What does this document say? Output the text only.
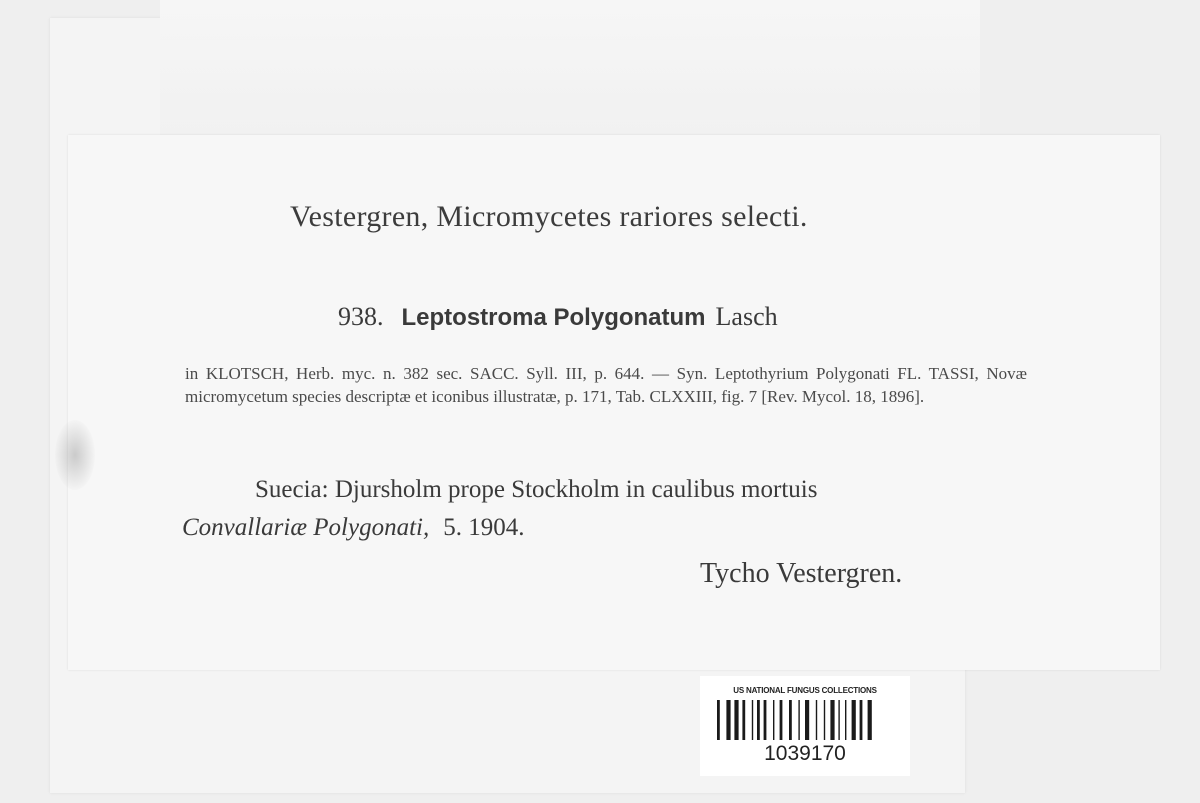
Vestergren, Micromycetes rariores selecti.
938. Leptostroma Polygonatum Lasch
in KLOTSCH, Herb. myc. n. 382 sec. SACC. Syll. III, p. 644. — Syn. Leptothyrium Polygonati FL. TASSI, Novæ micromycetum species descriptæ et iconibus illustratæ, p. 171, Tab. CLXXIII, fig. 7 [Rev. Mycol. 18, 1896].
Suecia: Djursholm prope Stockholm in caulibus mortuis
Convallariæ Polygonati, 5. 1904.
Tycho Vestergren.
US NATIONAL FUNGUS COLLECTIONS
1039170
